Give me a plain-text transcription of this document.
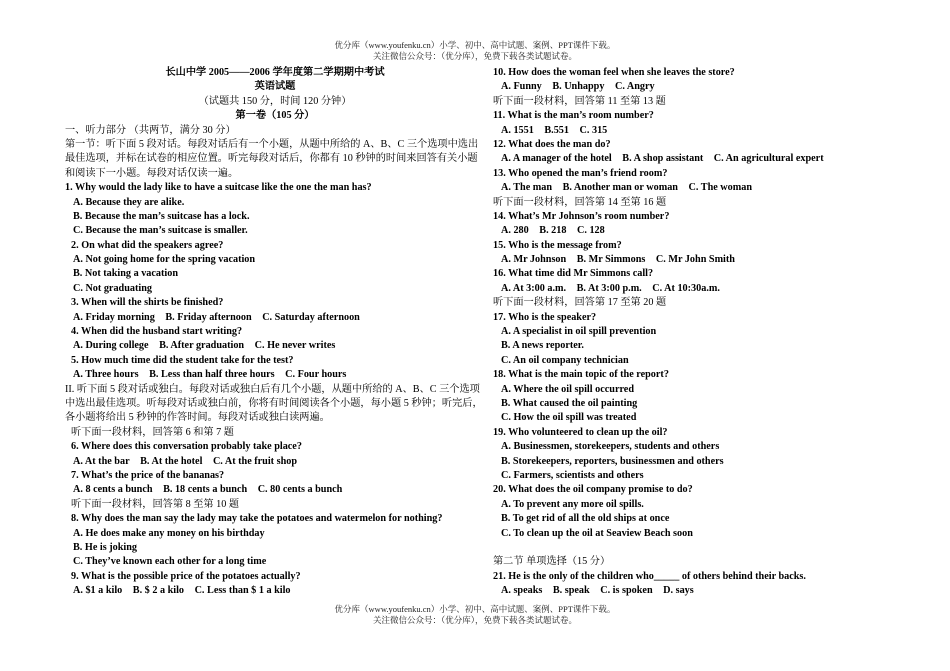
优分库（www.youfenku.cn）小学、初中、高中试题、案例、PPT课件下载。
关注微信公众号：（优分库），免费下载各类试题试卷。
长山中学 2005——2006 学年度第二学期期中考试
英语试题
（试题共 150 分，时间 120 分钟）
第一卷（105 分）
一、听力部分 （共两节，满分 30 分）
第一节：听下面 5 段对话。每段对话后有一个小题，从题中所给的 A、B、C 三个选项中选出最佳选项，并标在试卷的相应位置。听完每段对话后，你都有 10 秒钟的时间来回答有关小题和阅读下一小题。每段对话仅读一遍。
1. Why would the lady like to have a suitcase like the one the man has?
A. Because they are alike.
B. Because the man’s suitcase has a lock.
C. Because the man’s suitcase is smaller.
2. On what did the speakers agree?
A. Not going home for the spring vacation
B. Not taking a vacation
C. Not graduating
3. When will the shirts be finished?
A. Friday morning B. Friday afternoon C. Saturday afternoon
4. When did the husband start writing?
A. During college B. After graduation C. He never writes
5. How much time did the student take for the test?
A. Three hours B. Less than half three hours C. Four hours
II. 听下面 5 段对话或独白。每段对话或独白后有几个小题，从题中所给的 A、B、C 三个选项中选出最佳选项。听每段对话或独白前，你将有时间阅读各个小题，每小题 5 秒钟；听完后，各小题将给出 5 秒钟的作答时间。每段对话或独白读两遍。
听下面一段材料，回答第 6 和第 7 题
6. Where does this conversation probably take place?
A. At the bar B. At the hotel C. At the fruit shop
7. What’s the price of the bananas?
A. 8 cents a bunch B. 18 cents a bunch C. 80 cents a bunch
听下面一段材料，回答第 8 至第 10 题
8. Why does the man say the lady may take the potatoes and watermelon for nothing?
A. He does make any money on his birthday
B. He is joking
C. They’ve known each other for a long time
9. What is the possible price of the potatoes actually?
A. $1 a kilo B. $ 2 a kilo C. Less than $ 1 a kilo
10. How does the woman feel when she leaves the store?
A. Funny B. Unhappy C. Angry
听下面一段材料，回答第 11 至第 13 题
11. What is the man’s room number?
A. 1551 B.551 C. 315
12. What does the man do?
A. A manager of the hotel B. A shop assistant C. An agricultural expert
13. Who opened the man’s friend room?
A. The man B. Another man or woman C. The woman
听下面一段材料，回答第 14 至第 16 题
14. What’s Mr Johnson’s room number?
A. 280 B. 218 C. 128
15. Who is the message from?
A. Mr Johnson B. Mr Simmons C. Mr John Smith
16. What time did Mr Simmons call?
A. At 3:00 a.m. B. At 3:00 p.m. C. At 10:30a.m.
听下面一段材料，回答第 17 至第 20 题
17. Who is the speaker?
A. A specialist in oil spill prevention
B. A news reporter.
C. An oil company technician
18. What is the main topic of the report?
A. Where the oil spill occurred
B. What caused the oil painting
C. How the oil spill was treated
19. Who volunteered to clean up the oil?
A. Businessmen, storekeepers, students and others
B. Storekeepers, reporters, businessmen and others
C. Farmers, scientists and others
20. What does the oil company promise to do?
A. To prevent any more oil spills.
B. To get rid of all the old ships at once
C. To clean up the oil at Seaview Beach soon
第二节 单项选择（15 分）
21. He is the only of the children who_____ of others behind their backs.
A. speaks B. speak C. is spoken D. says
优分库（www.youfenku.cn）小学、初中、高中试题、案例、PPT课件下载。
关注微信公众号：（优分库），免费下载各类试题试卷。
